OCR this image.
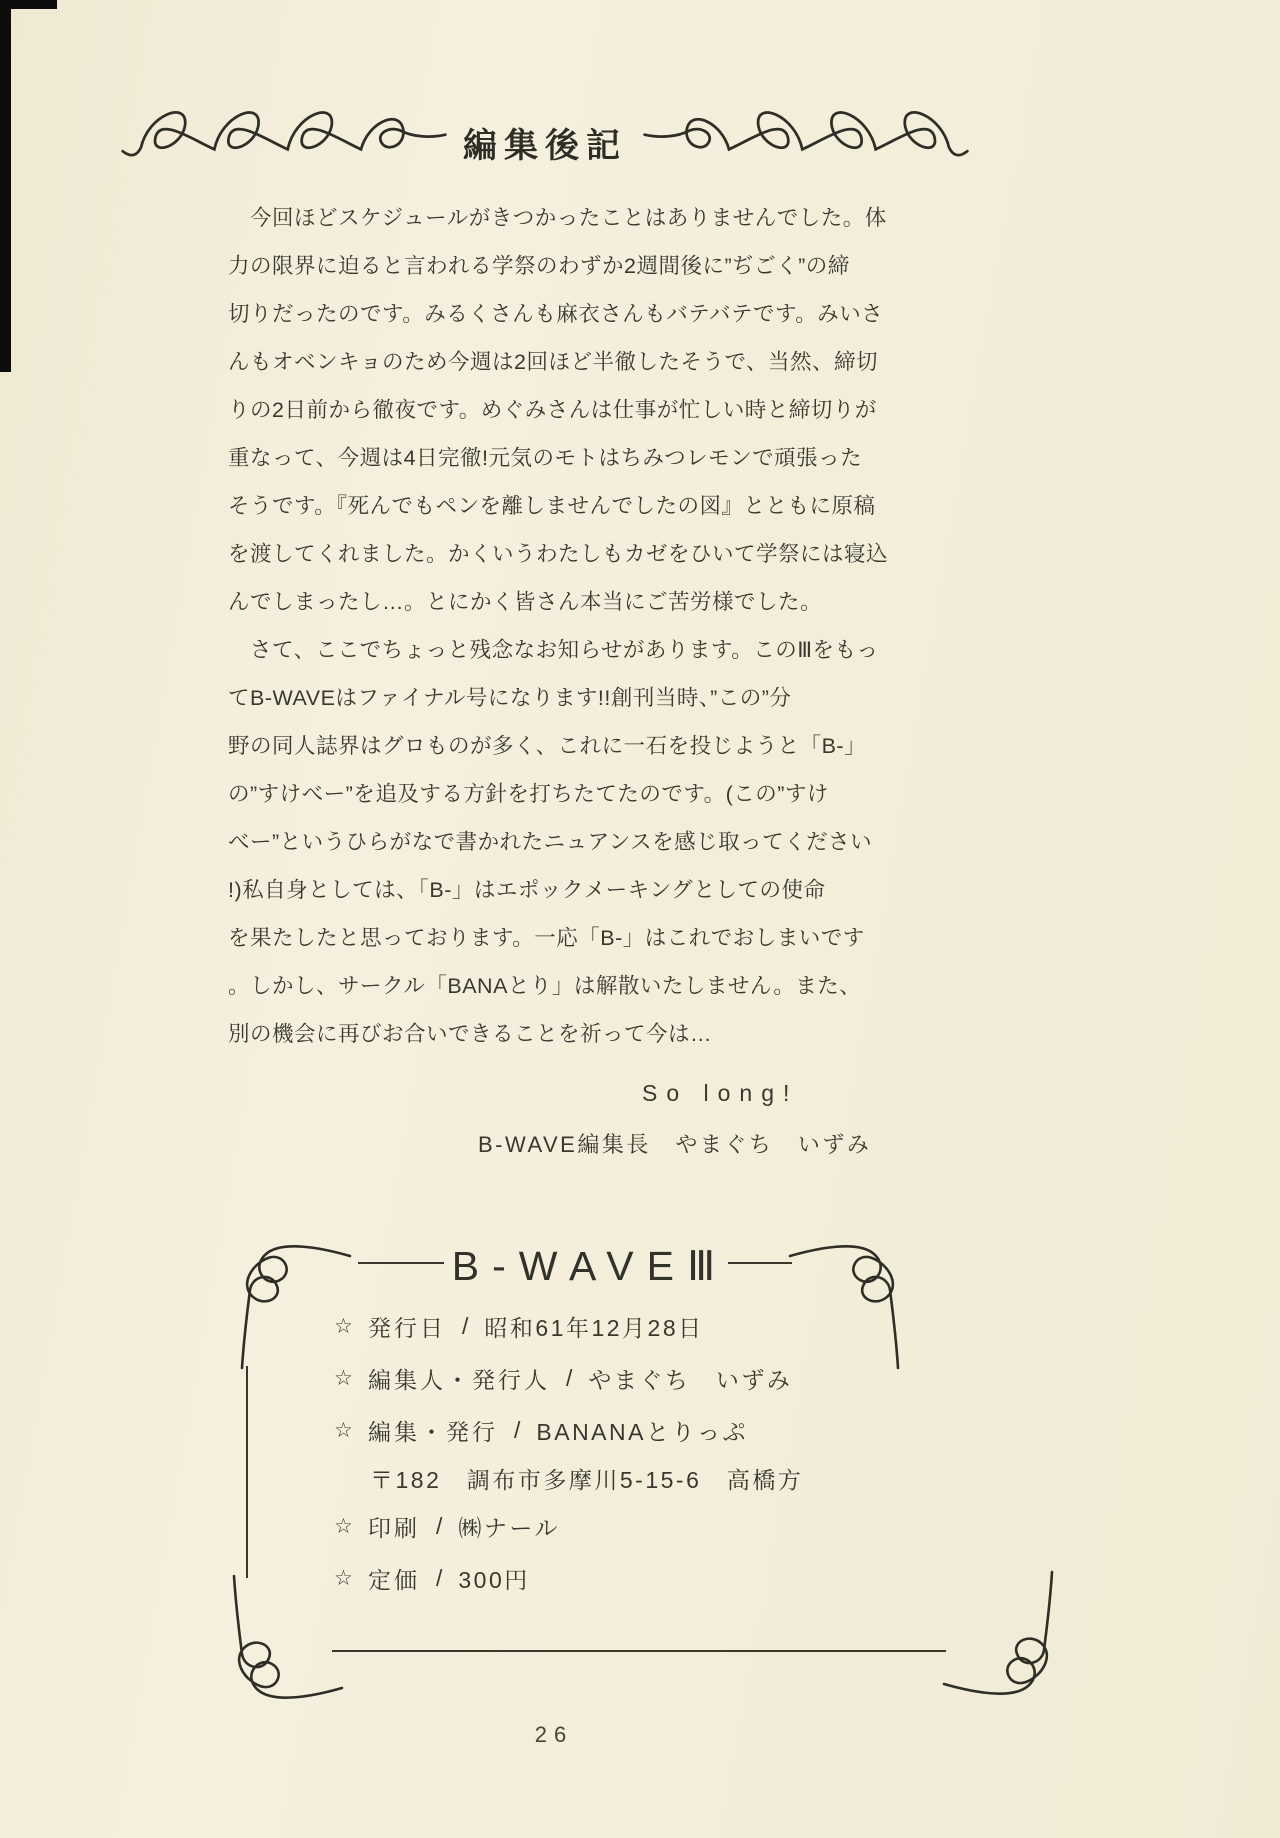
編集後記

　今回ほどスケジュールがきつかったことはありませんでした。体
力の限界に迫ると言われる学祭のわずか2週間後に”ぢごく”の締
切りだったのです。みるくさんも麻衣さんもバテバテです。みいさ
んもオベンキョのため今週は2回ほど半徹したそうで、当然、締切
りの2日前から徹夜です。めぐみさんは仕事が忙しい時と締切りが
重なって、今週は4日完徹!元気のモトはちみつレモンで頑張った
そうです。『死んでもペンを離しませんでしたの図』とともに原稿
を渡してくれました。かくいうわたしもカゼをひいて学祭には寝込
んでしまったし…。とにかく皆さん本当にご苦労様でした。

　さて、ここでちょっと残念なお知らせがあります。このⅢをもっ
てB-WAVEはファイナル号になります!!創刊当時、”この”分
野の同人誌界はグロものが多く、これに一石を投じようと「B-」
の”すけべー”を追及する方針を打ちたてたのです。(この”すけ
べー”というひらがなで書かれたニュアンスを感じ取ってください
!)私自身としては、「B-」はエポックメーキングとしての使命
を果たしたと思っております。一応「B-」はこれでおしまいです
。しかし、サークル「BANAとり」は解散いたしません。また、
別の機会に再びお合いできることを祈って今は…

So long!
B-WAVE編集長　やまぐち　いずみ
B-WAVEⅢ
☆ 発行日 / 昭和61年12月28日
☆ 編集人・発行人 / やまぐち　いずみ
☆ 編集・発行 / BANANAとりっぷ
〒182　調布市多摩川5-15-6　高橋方
☆ 印刷 / ㈱ナール
☆ 定価 / 300円
26
